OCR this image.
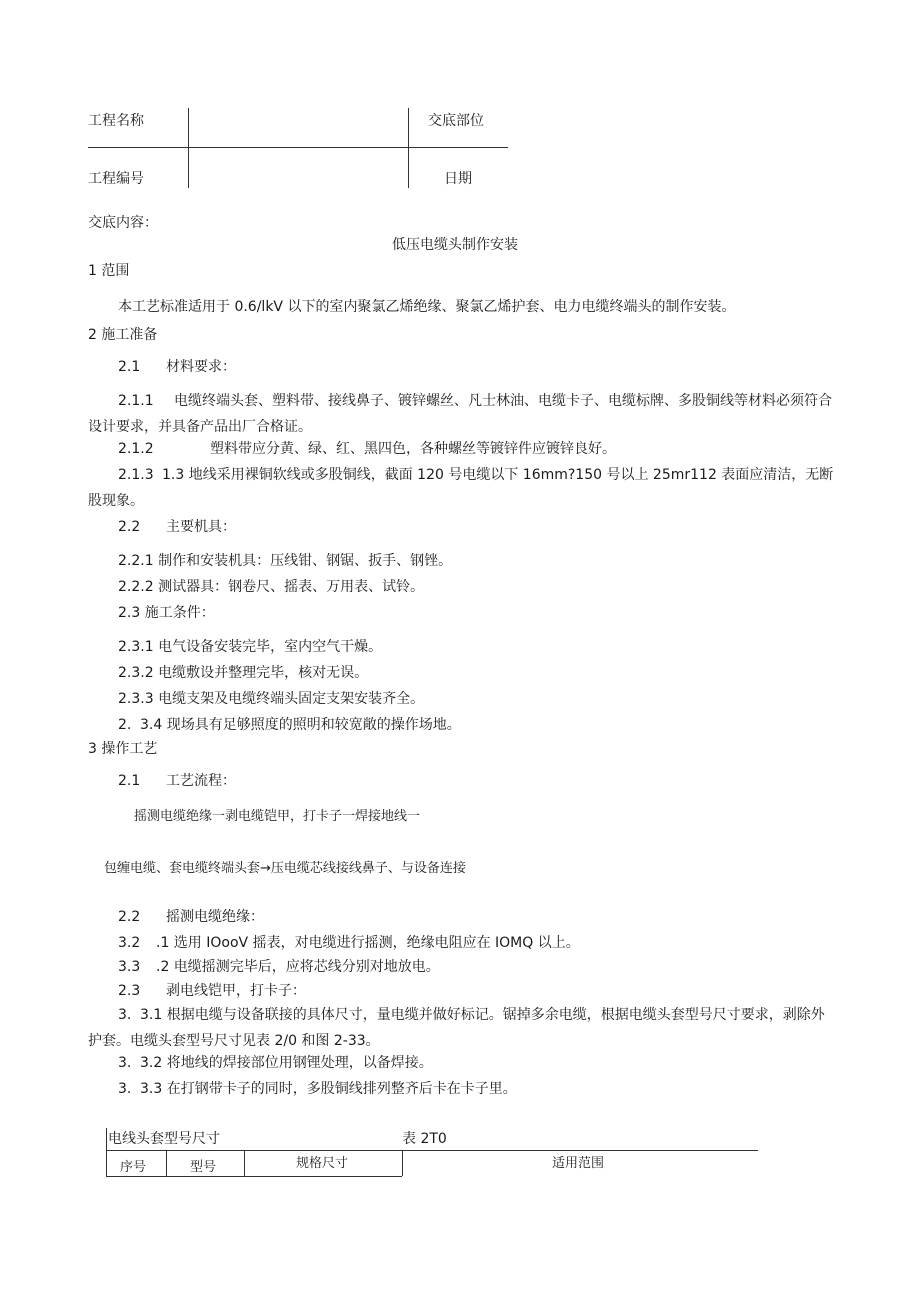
工程名称	交底部位
工程编号	日期
交底内容：
低压电缆头制作安装
1 范围
本工艺标准适用于 0.6/lkV 以下的室内聚氯乙烯绝缘、聚氯乙烯护套、电力电缆终端头的制作安装。
2 施工准备
2.1 材料要求：
2.1.1 电缆终端头套、塑料带、接线鼻子、镀锌螺丝、凡士林油、电缆卡子、电缆标牌、多股铜线等材料必须符合设计要求，并具备产品出厂合格证。
2.1.2	塑料带应分黄、绿、红、黑四色，各种螺丝等镀锌件应镀锌良好。
2.1.3 1.3 地线采用裸铜软线或多股铜线，截面 120 号电缆以下 16mm?150 号以上 25mr112 表面应清洁，无断股现象。
2.2 主要机具：
2.2.1 制作和安装机具：压线钳、钢锯、扳手、钢锉。
2.2.2 测试器具：钢卷尺、摇表、万用表、试铃。
2.3 施工条件：
2.3.1 电气设备安装完毕，室内空气干燥。
2.3.2 电缆敷设并整理完毕，核对无误。
2.3.3 电缆支架及电缆终端头固定支架安装齐全。
2. 3.4 现场具有足够照度的照明和较宽敞的操作场地。
3 操作工艺
2.1 工艺流程：
摇测电缆绝缘一剥电缆铠甲，打卡子一焊接地线一
包缠电缆、套电缆终端头套→压电缆芯线接线鼻子、与设备连接
2.2 摇测电缆绝缘：
3.2 .1 选用 IOooV 摇表，对电缆进行摇测，绝缘电阻应在 IOMQ 以上。
3.3 .2 电缆摇测完毕后，应将芯线分别对地放电。
2.3 剥电线铠甲，打卡子：
3. 3.1 根据电缆与设备联接的具体尺寸，量电缆并做好标记。锯掉多余电缆，根据电缆头套型号尺寸要求，剥除外护套。电缆头套型号尺寸见表 2/0 和图 2-33。
3. 3.2 将地线的焊接部位用钢锂处理，以备焊接。
3. 3.3 在打钢带卡子的同时，多股铜线排列整齐后卡在卡子里。
电线头套型号尺寸	表 2T0
序号	型号	规格尺寸	适用范围
